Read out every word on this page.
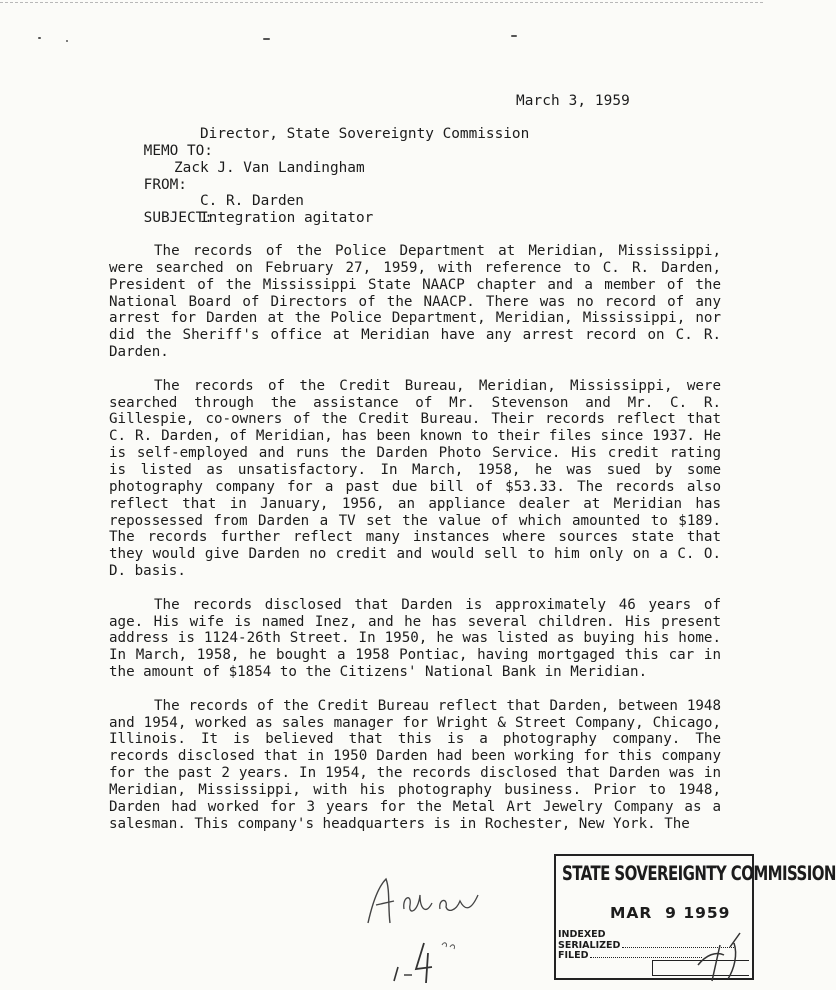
March 3, 1959

MEMO TO:

Director, State Sovereignty Commission

FROM:

Zack J. Van Landingham

SUBJECT:

C. R. Darden

Integration agitator

The records of the Police Department at Meridian, Mississippi, were searched on February 27, 1959, with reference to C. R. Darden, President of the Mississippi State NAACP chapter and a member of the National Board of Directors of the NAACP. There was no record of any arrest for Darden at the Police Department, Meridian, Mississippi, nor did the Sheriff's office at Meridian have any arrest record on C. R. Darden.

The records of the Credit Bureau, Meridian, Mississippi, were searched through the assistance of Mr. Stevenson and Mr. C. R. Gillespie, co-owners of the Credit Bureau. Their records reflect that C. R. Darden, of Meridian, has been known to their files since 1937. He is self-employed and runs the Darden Photo Service. His credit rating is listed as unsatisfactory. In March, 1958, he was sued by some photography company for a past due bill of $53.33. The records also reflect that in January, 1956, an appliance dealer at Meridian has repossessed from Darden a TV set the value of which amounted to $189. The records further reflect many instances where sources state that they would give Darden no credit and would sell to him only on a C. O. D. basis.

The records disclosed that Darden is approximately 46 years of age. His wife is named Inez, and he has several children. His present address is 1124-26th Street. In 1950, he was listed as buying his home. In March, 1958, he bought a 1958 Pontiac, having mortgaged this car in the amount of $1854 to the Citizens' National Bank in Meridian.

The records of the Credit Bureau reflect that Darden, between 1948 and 1954, worked as sales manager for Wright & Street Company, Chicago, Illinois. It is believed that this is a photography company. The records disclosed that in 1950 Darden had been working for this company for the past 2 years. In 1954, the records disclosed that Darden was in Meridian, Mississippi, with his photography business. Prior to 1948, Darden had worked for 3 years for the Metal Art Jewelry Company as a salesman. This company's headquarters is in Rochester, New York. The

STATE SOVEREIGNTY COMMISSION
MAR  9 1959
INDEXED
SERIALIZED
FILED
